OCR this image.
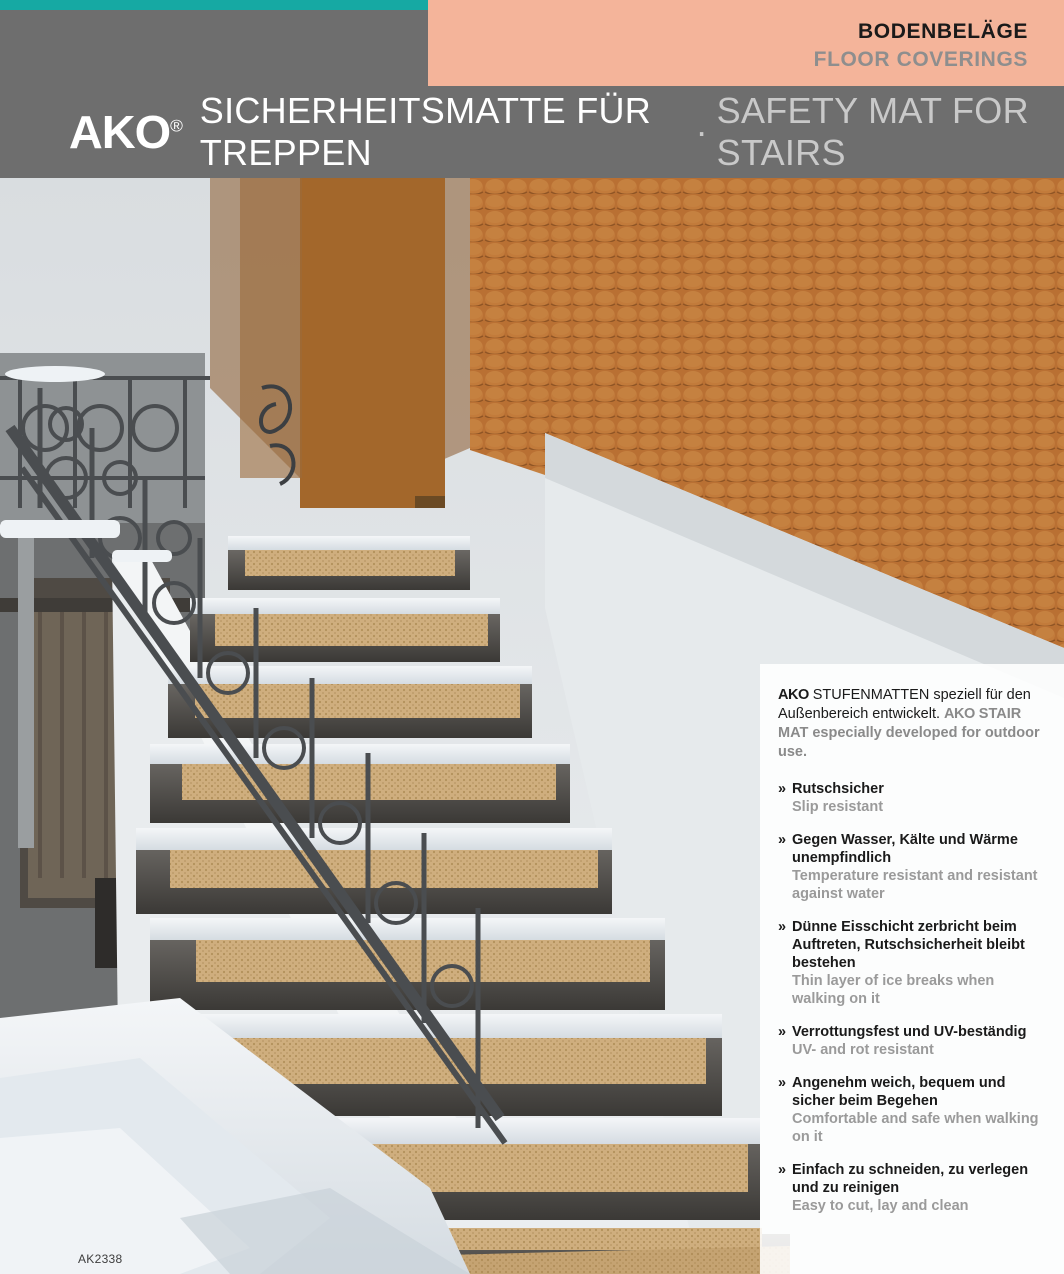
BODENBELÄGE
FLOOR COVERINGS
AKO® SICHERHEITSMATTE FÜR TREPPEN
·
SAFETY MAT FOR STAIRS
AKO STUFENMATTEN speziell für den Außenbereich entwickelt. AKO STAIR MAT especially developed for outdoor use.
» Rutschsicher
Slip resistant
» Gegen Wasser, Kälte und Wärme unempfindlich
Temperature resistant and resistant against water
» Dünne Eisschicht zerbricht beim Auftreten, Rutschsicherheit bleibt bestehen
Thin layer of ice breaks when walking on it
» Verrottungsfest und UV-beständig
UV- and rot resistant
» Angenehm weich, bequem und sicher beim Begehen
Comfortable and safe when walking on it
» Einfach zu schneiden, zu verlegen und zu reinigen
Easy to cut, lay and clean
AK2338
